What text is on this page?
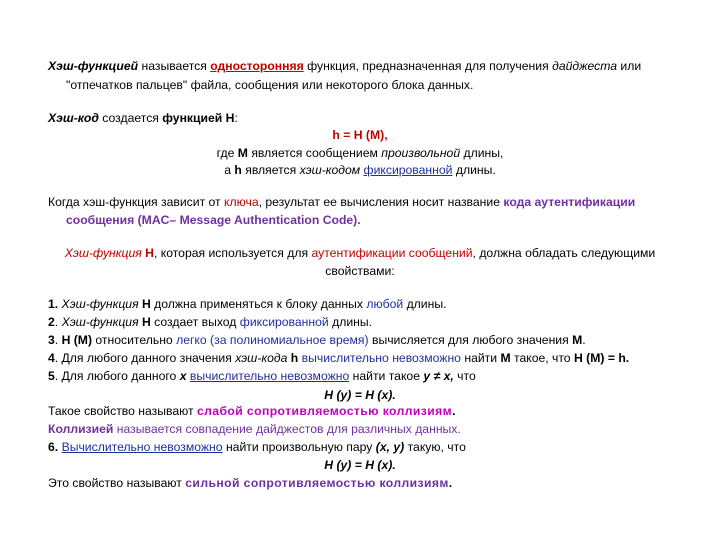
Хэш-функцией называется односторонняя функция, предназначенная для получения дайджеста или
"отпечатков пальцев" файла, сообщения или некоторого блока данных.
Хэш-код создается функцией H:
h = H (M),
где M является сообщением произвольной длины,
а h является хэш-кодом фиксированной длины.
Когда хэш-функция зависит от ключа, результат ее вычисления носит название кода аутентификации
сообщения (MAC– Message Authentication Code).
Хэш-функция H, которая используется для аутентификации сообщений, должна обладать следующими
свойствами:
1. Хэш-функция H должна применяться к блоку данных любой длины.
2. Хэш-функция H создает выход фиксированной длины.
3. H (M) относительно легко (за полиномиальное время) вычисляется для любого значения M.
4. Для любого данного значения хэш-кода h вычислительно невозможно найти M такое, что H (M) = h.
5. Для любого данного х вычислительно невозможно найти такое y ≠ x, что
H (y) = H (x).
Такое свойство называют слабой сопротивляемостью коллизиям.
Коллизией называется совпадение дайджестов для различных данных.
6. Вычислительно невозможно найти произвольную пару (х, y) такую, что
H (y) = H (x).
Это свойство называют сильной сопротивляемостью коллизиям.
